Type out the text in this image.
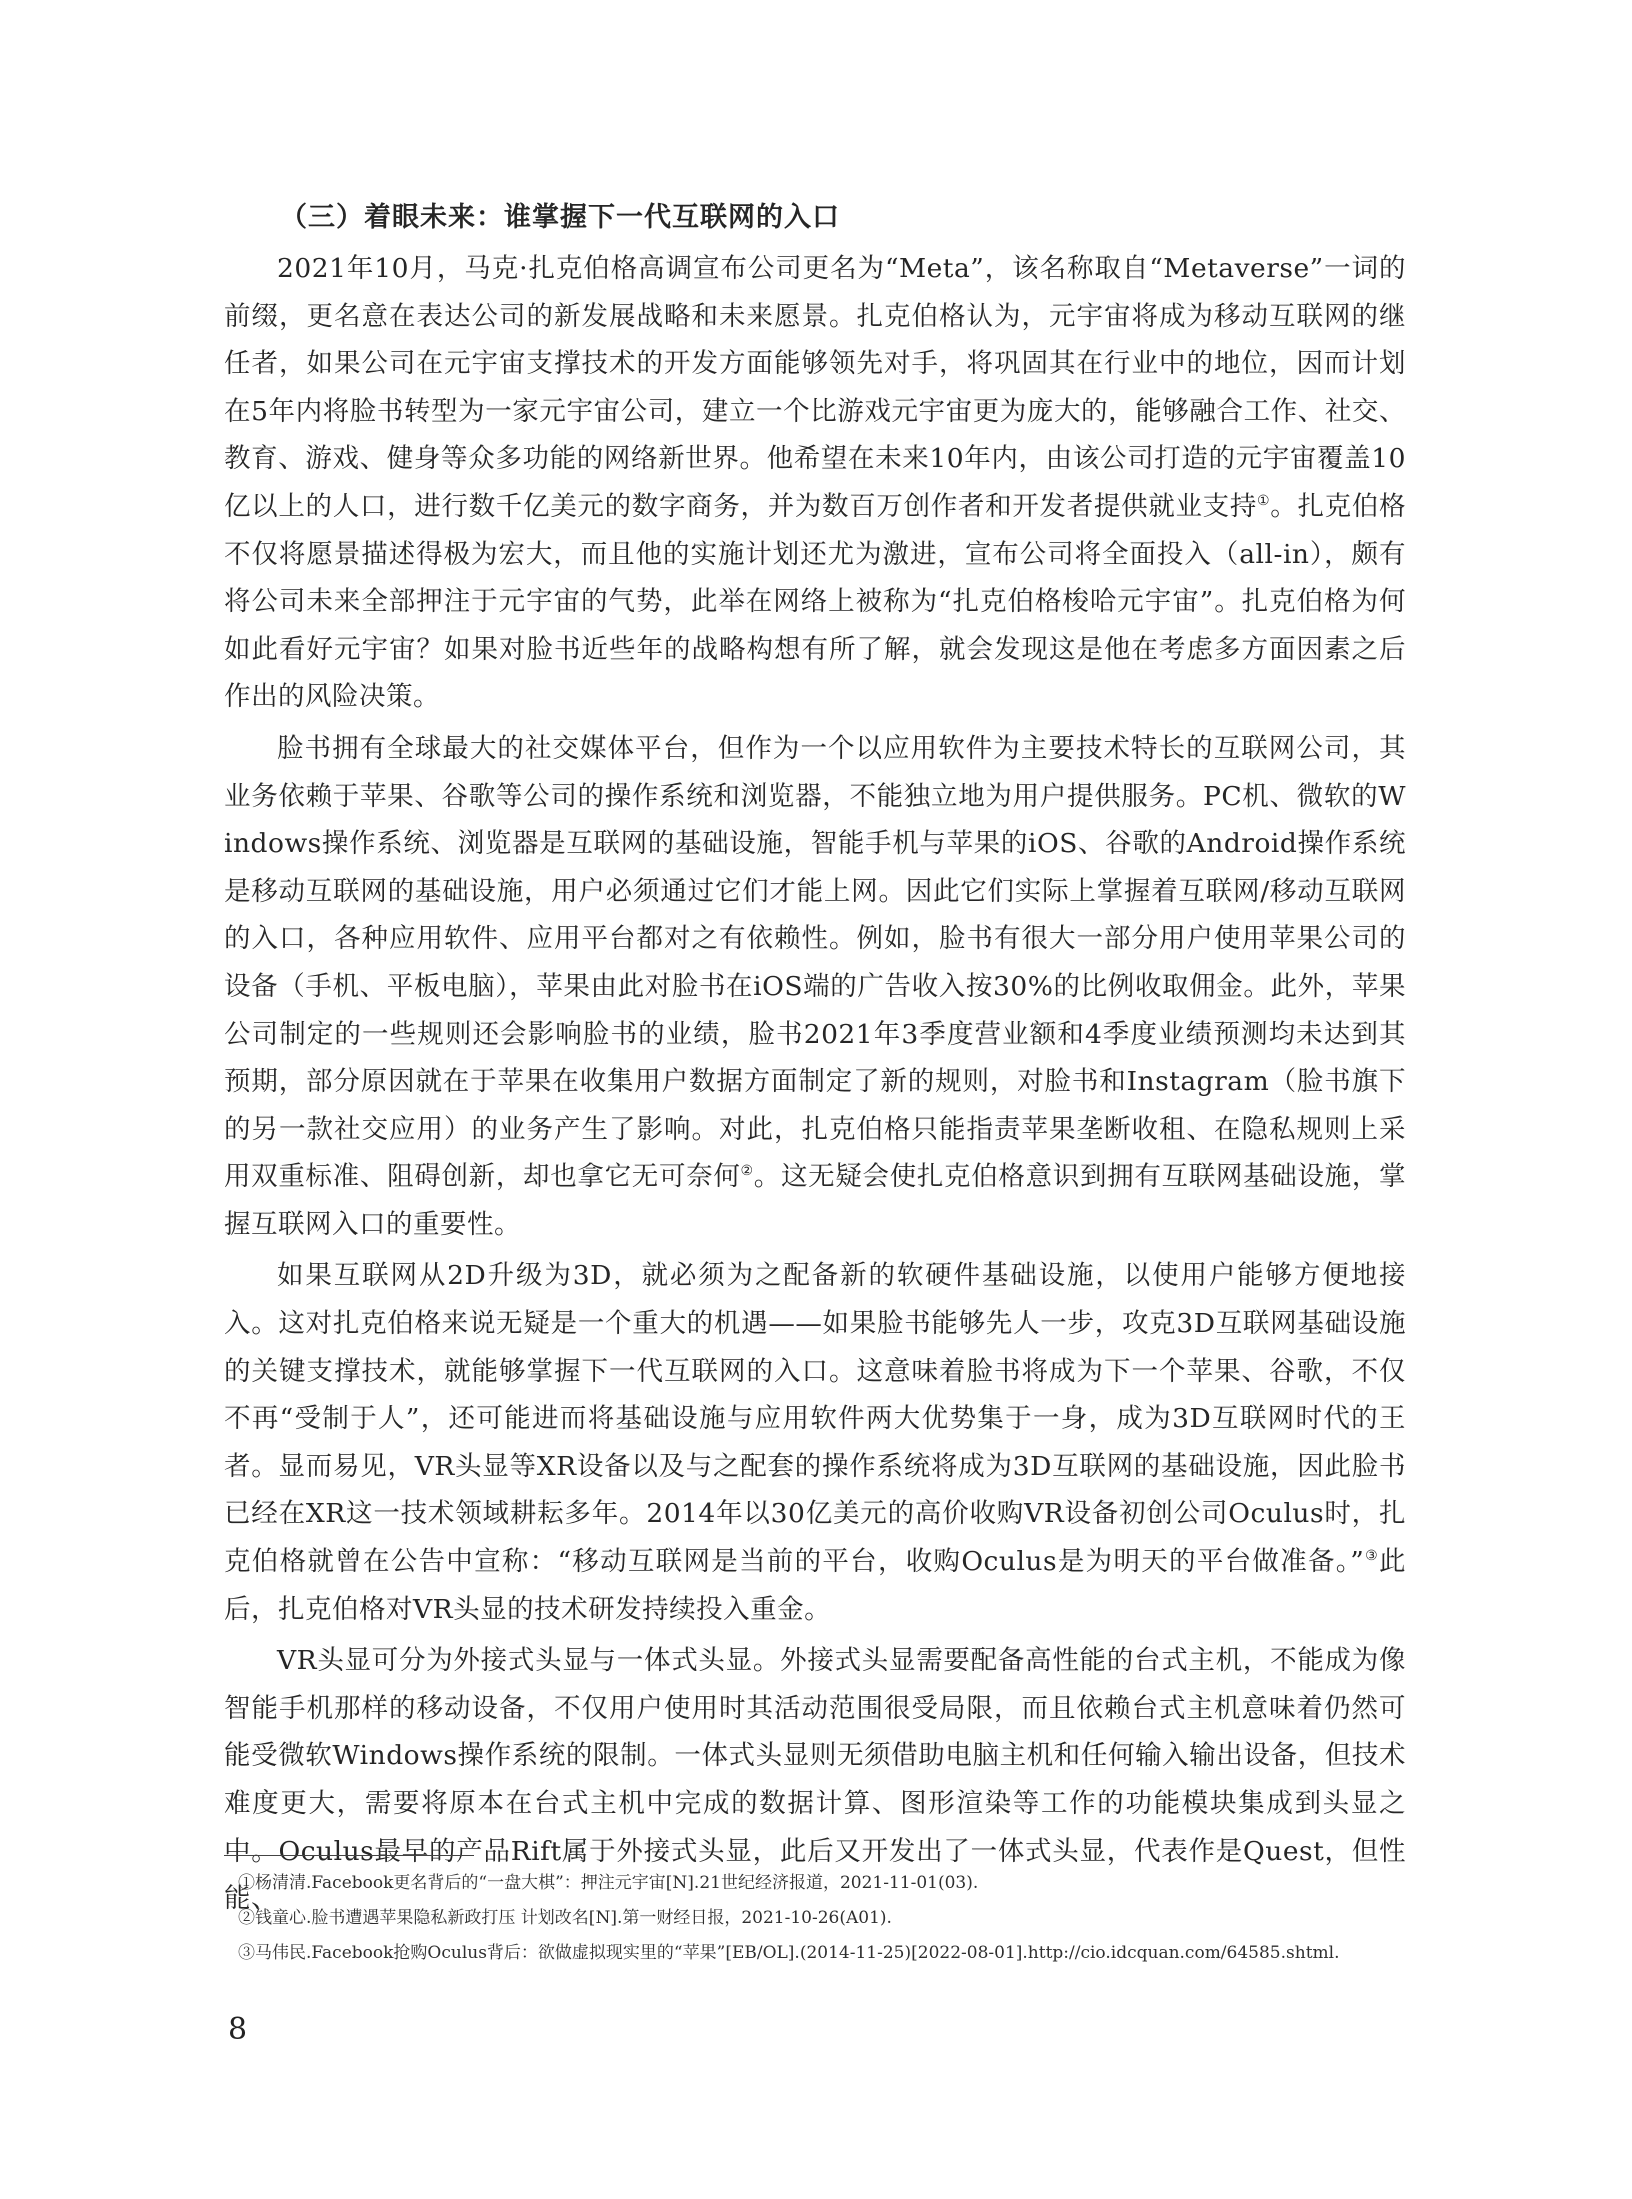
（三）着眼未来：谁掌握下一代互联网的入口

2021年10月，马克·扎克伯格高调宣布公司更名为“Meta”，该名称取自“Metaverse”一词的前缀，更名意在表达公司的新发展战略和未来愿景。扎克伯格认为，元宇宙将成为移动互联网的继任者，如果公司在元宇宙支撑技术的开发方面能够领先对手，将巩固其在行业中的地位，因而计划在5年内将脸书转型为一家元宇宙公司，建立一个比游戏元宇宙更为庞大的，能够融合工作、社交、教育、游戏、健身等众多功能的网络新世界。他希望在未来10年内，由该公司打造的元宇宙覆盖10亿以上的人口，进行数千亿美元的数字商务，并为数百万创作者和开发者提供就业支持①。扎克伯格不仅将愿景描述得极为宏大，而且他的实施计划还尤为激进，宣布公司将全面投入（all-in），颇有将公司未来全部押注于元宇宙的气势，此举在网络上被称为“扎克伯格梭哈元宇宙”。扎克伯格为何如此看好元宇宙？如果对脸书近些年的战略构想有所了解，就会发现这是他在考虑多方面因素之后作出的风险决策。

脸书拥有全球最大的社交媒体平台，但作为一个以应用软件为主要技术特长的互联网公司，其业务依赖于苹果、谷歌等公司的操作系统和浏览器，不能独立地为用户提供服务。PC机、微软的Windows操作系统、浏览器是互联网的基础设施，智能手机与苹果的iOS、谷歌的Android操作系统是移动互联网的基础设施，用户必须通过它们才能上网。因此它们实际上掌握着互联网/移动互联网的入口，各种应用软件、应用平台都对之有依赖性。例如，脸书有很大一部分用户使用苹果公司的设备（手机、平板电脑），苹果由此对脸书在iOS端的广告收入按30%的比例收取佣金。此外，苹果公司制定的一些规则还会影响脸书的业绩，脸书2021年3季度营业额和4季度业绩预测均未达到其预期，部分原因就在于苹果在收集用户数据方面制定了新的规则，对脸书和Instagram（脸书旗下的另一款社交应用）的业务产生了影响。对此，扎克伯格只能指责苹果垄断收租、在隐私规则上采用双重标准、阻碍创新，却也拿它无可奈何②。这无疑会使扎克伯格意识到拥有互联网基础设施，掌握互联网入口的重要性。

如果互联网从2D升级为3D，就必须为之配备新的软硬件基础设施，以使用户能够方便地接入。这对扎克伯格来说无疑是一个重大的机遇——如果脸书能够先人一步，攻克3D互联网基础设施的关键支撑技术，就能够掌握下一代互联网的入口。这意味着脸书将成为下一个苹果、谷歌，不仅不再“受制于人”，还可能进而将基础设施与应用软件两大优势集于一身，成为3D互联网时代的王者。显而易见，VR头显等XR设备以及与之配套的操作系统将成为3D互联网的基础设施，因此脸书已经在XR这一技术领域耕耘多年。2014年以30亿美元的高价收购VR设备初创公司Oculus时，扎克伯格就曾在公告中宣称：“移动互联网是当前的平台，收购Oculus是为明天的平台做准备。”③此后，扎克伯格对VR头显的技术研发持续投入重金。

VR头显可分为外接式头显与一体式头显。外接式头显需要配备高性能的台式主机，不能成为像智能手机那样的移动设备，不仅用户使用时其活动范围很受局限，而且依赖台式主机意味着仍然可能受微软Windows操作系统的限制。一体式头显则无须借助电脑主机和任何输入输出设备，但技术难度更大，需要将原本在台式主机中完成的数据计算、图形渲染等工作的功能模块集成到头显之中。Oculus最早的产品Rift属于外接式头显，此后又开发出了一体式头显，代表作是Quest，但性能、

①杨清清.Facebook更名背后的“一盘大棋”：押注元宇宙[N].21世纪经济报道，2021-11-01(03).

②钱童心.脸书遭遇苹果隐私新政打压 计划改名[N].第一财经日报，2021-10-26(A01).

③马伟民.Facebook抢购Oculus背后：欲做虚拟现实里的“苹果”[EB/OL].(2014-11-25)[2022-08-01].http://cio.idcquan.com/64585.shtml.

8
